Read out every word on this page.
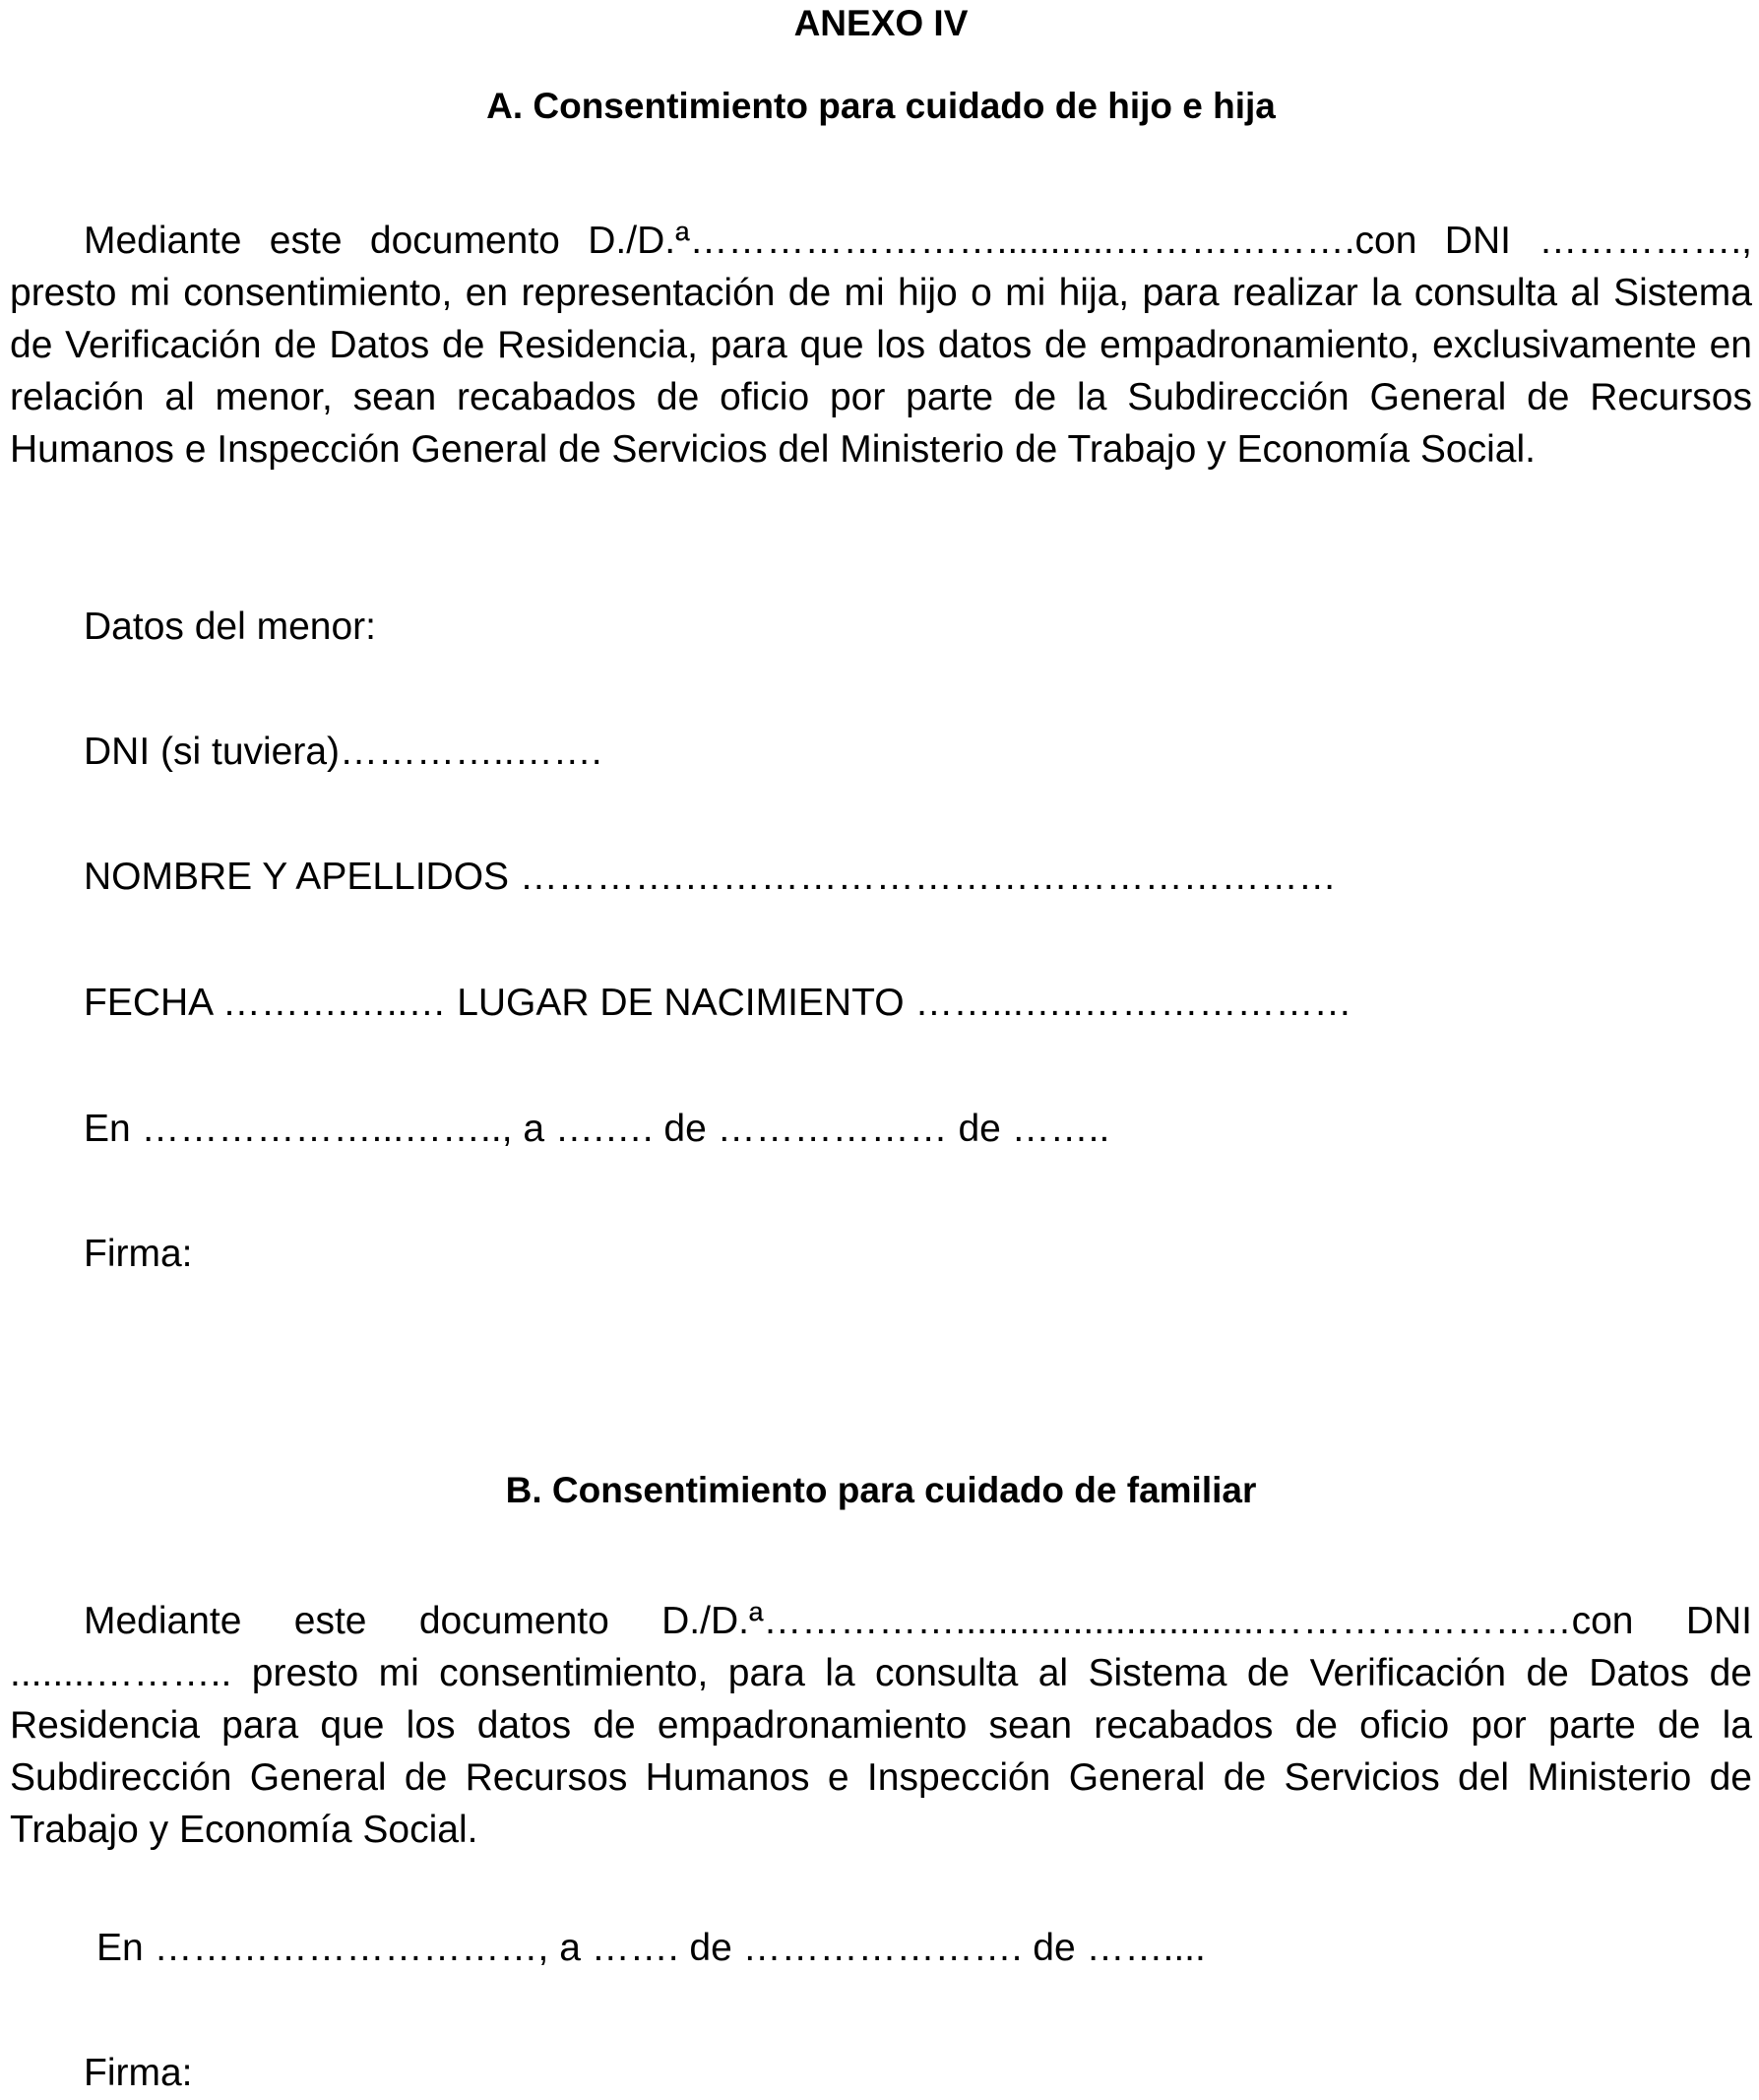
ANEXO IV

A. Consentimiento para cuidado de hijo e hija

Mediante este documento D./D.ª……………………...........……………….con DNI ……………., presto mi consentimiento, en representación de mi hijo o mi hija, para realizar la consulta al Sistema de Verificación de Datos de Residencia, para que los datos de empadronamiento, exclusivamente en relación al menor, sean recabados de oficio por parte de la Subdirección General de Recursos Humanos e Inspección General de Servicios del Ministerio de Trabajo y Economía Social.

Datos del menor:

DNI (si tuviera)…………..…….

NOMBRE Y APELLIDOS ………….……………………………………………

FECHA ……….…..… LUGAR DE NACIMIENTO ……...…..…………………

En ………………...…….., a ….…. de ……………… de ……..

Firma:

B. Consentimiento para cuidado de familiar

Mediante este documento D./D.ª…………….............................……………………con DNI ........……….. presto mi consentimiento, para la consulta al Sistema de Verificación de Datos de Residencia para que los datos de empadronamiento sean recabados de oficio por parte de la Subdirección General de Recursos Humanos e Inspección General de Servicios del Ministerio de Trabajo y Economía Social.

En …………………………, a ……. de …………………. de ……....

Firma:
